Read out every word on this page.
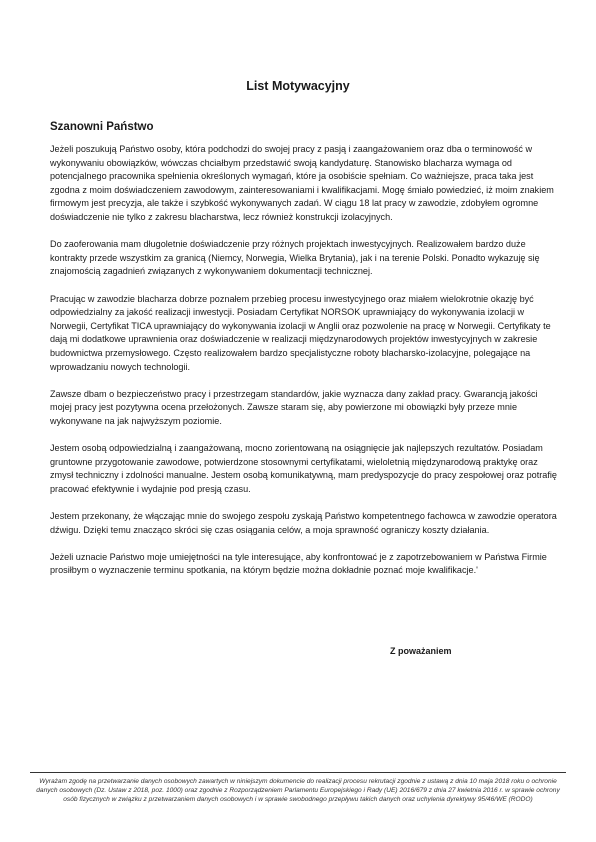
List Motywacyjny
Szanowni Państwo

Jeżeli poszukują Państwo osoby, która podchodzi do swojej pracy z pasją i zaangażowaniem oraz dba o terminowość w wykonywaniu obowiązków, wówczas chciałbym przedstawić swoją kandydaturę. Stanowisko blacharza wymaga od potencjalnego pracownika spełnienia określonych wymagań, które ja osobiście spełniam. Co ważniejsze, praca taka jest zgodna z moim doświadczeniem zawodowym, zainteresowaniami i kwalifikacjami. Mogę śmiało powiedzieć, iż moim znakiem firmowym jest precyzja, ale także i szybkość wykonywanych zadań. W ciągu 18 lat pracy w zawodzie, zdobyłem ogromne doświadczenie nie tylko z zakresu blacharstwa, lecz również konstrukcji izolacyjnych.

Do zaoferowania mam długoletnie doświadczenie przy różnych projektach inwestycyjnych. Realizowałem bardzo duże kontrakty przede wszystkim za granicą (Niemcy, Norwegia, Wielka Brytania), jak i na terenie Polski. Ponadto wykazuję się znajomością zagadnień związanych z wykonywaniem dokumentacji technicznej.

Pracując w zawodzie blacharza dobrze poznałem przebieg procesu inwestycyjnego oraz miałem wielokrotnie okazję być odpowiedzialny za jakość realizacji inwestycji. Posiadam Certyfikat NORSOK uprawniający do wykonywania izolacji w Norwegii, Certyfikat TICA uprawniający do wykonywania izolacji w Anglii oraz pozwolenie na pracę w Norwegii. Certyfikaty te dają mi dodatkowe uprawnienia oraz doświadczenie w realizacji międzynarodowych projektów inwestycyjnych w zakresie budownictwa przemysłowego. Często realizowałem bardzo specjalistyczne roboty blacharsko-izolacyjne, polegające na wprowadzaniu nowych technologii.

Zawsze dbam o bezpieczeństwo pracy i przestrzegam standardów, jakie wyznacza dany zakład pracy. Gwarancją jakości mojej pracy jest pozytywna ocena przełożonych. Zawsze staram się, aby powierzone mi obowiązki były przeze mnie wykonywane na jak najwyższym poziomie.

Jestem osobą odpowiedzialną i zaangażowaną, mocno zorientowaną na osiągnięcie jak najlepszych rezultatów. Posiadam gruntowne przygotowanie zawodowe, potwierdzone stosownymi certyfikatami, wieloletnią międzynarodową praktykę oraz zmysł techniczny i zdolności manualne. Jestem osobą komunikatywną, mam predyspozycje do pracy zespołowej oraz potrafię pracować efektywnie i wydajnie pod presją czasu.

Jestem przekonany, że włączając mnie do swojego zespołu zyskają Państwo kompetentnego fachowca w zawodzie operatora dźwigu. Dzięki temu znacząco skróci się czas osiągania celów, a moja sprawność ograniczy koszty działania.

Jeżeli uznacie Państwo moje umiejętności na tyle interesujące, aby konfrontować je z zapotrzebowaniem w Państwa Firmie prosiłbym o wyznaczenie terminu spotkania, na którym będzie można dokładnie poznać moje kwalifikacje.'

Z poważaniem
Wyrażam zgodę na przetwarzanie danych osobowych zawartych w niniejszym dokumencie do realizacji procesu rekrutacji zgodnie z ustawą z dnia 10 maja 2018 roku o ochronie danych osobowych (Dz. Ustaw z 2018, poz. 1000) oraz zgodnie z Rozporządzeniem Parlamentu Europejskiego i Rady (UE) 2016/679 z dnia 27 kwietnia 2016 r. w sprawie ochrony osób fizycznych w związku z przetwarzaniem danych osobowych i w sprawie swobodnego przepływu takich danych oraz uchylenia dyrektywy 95/46/WE (RODO)
